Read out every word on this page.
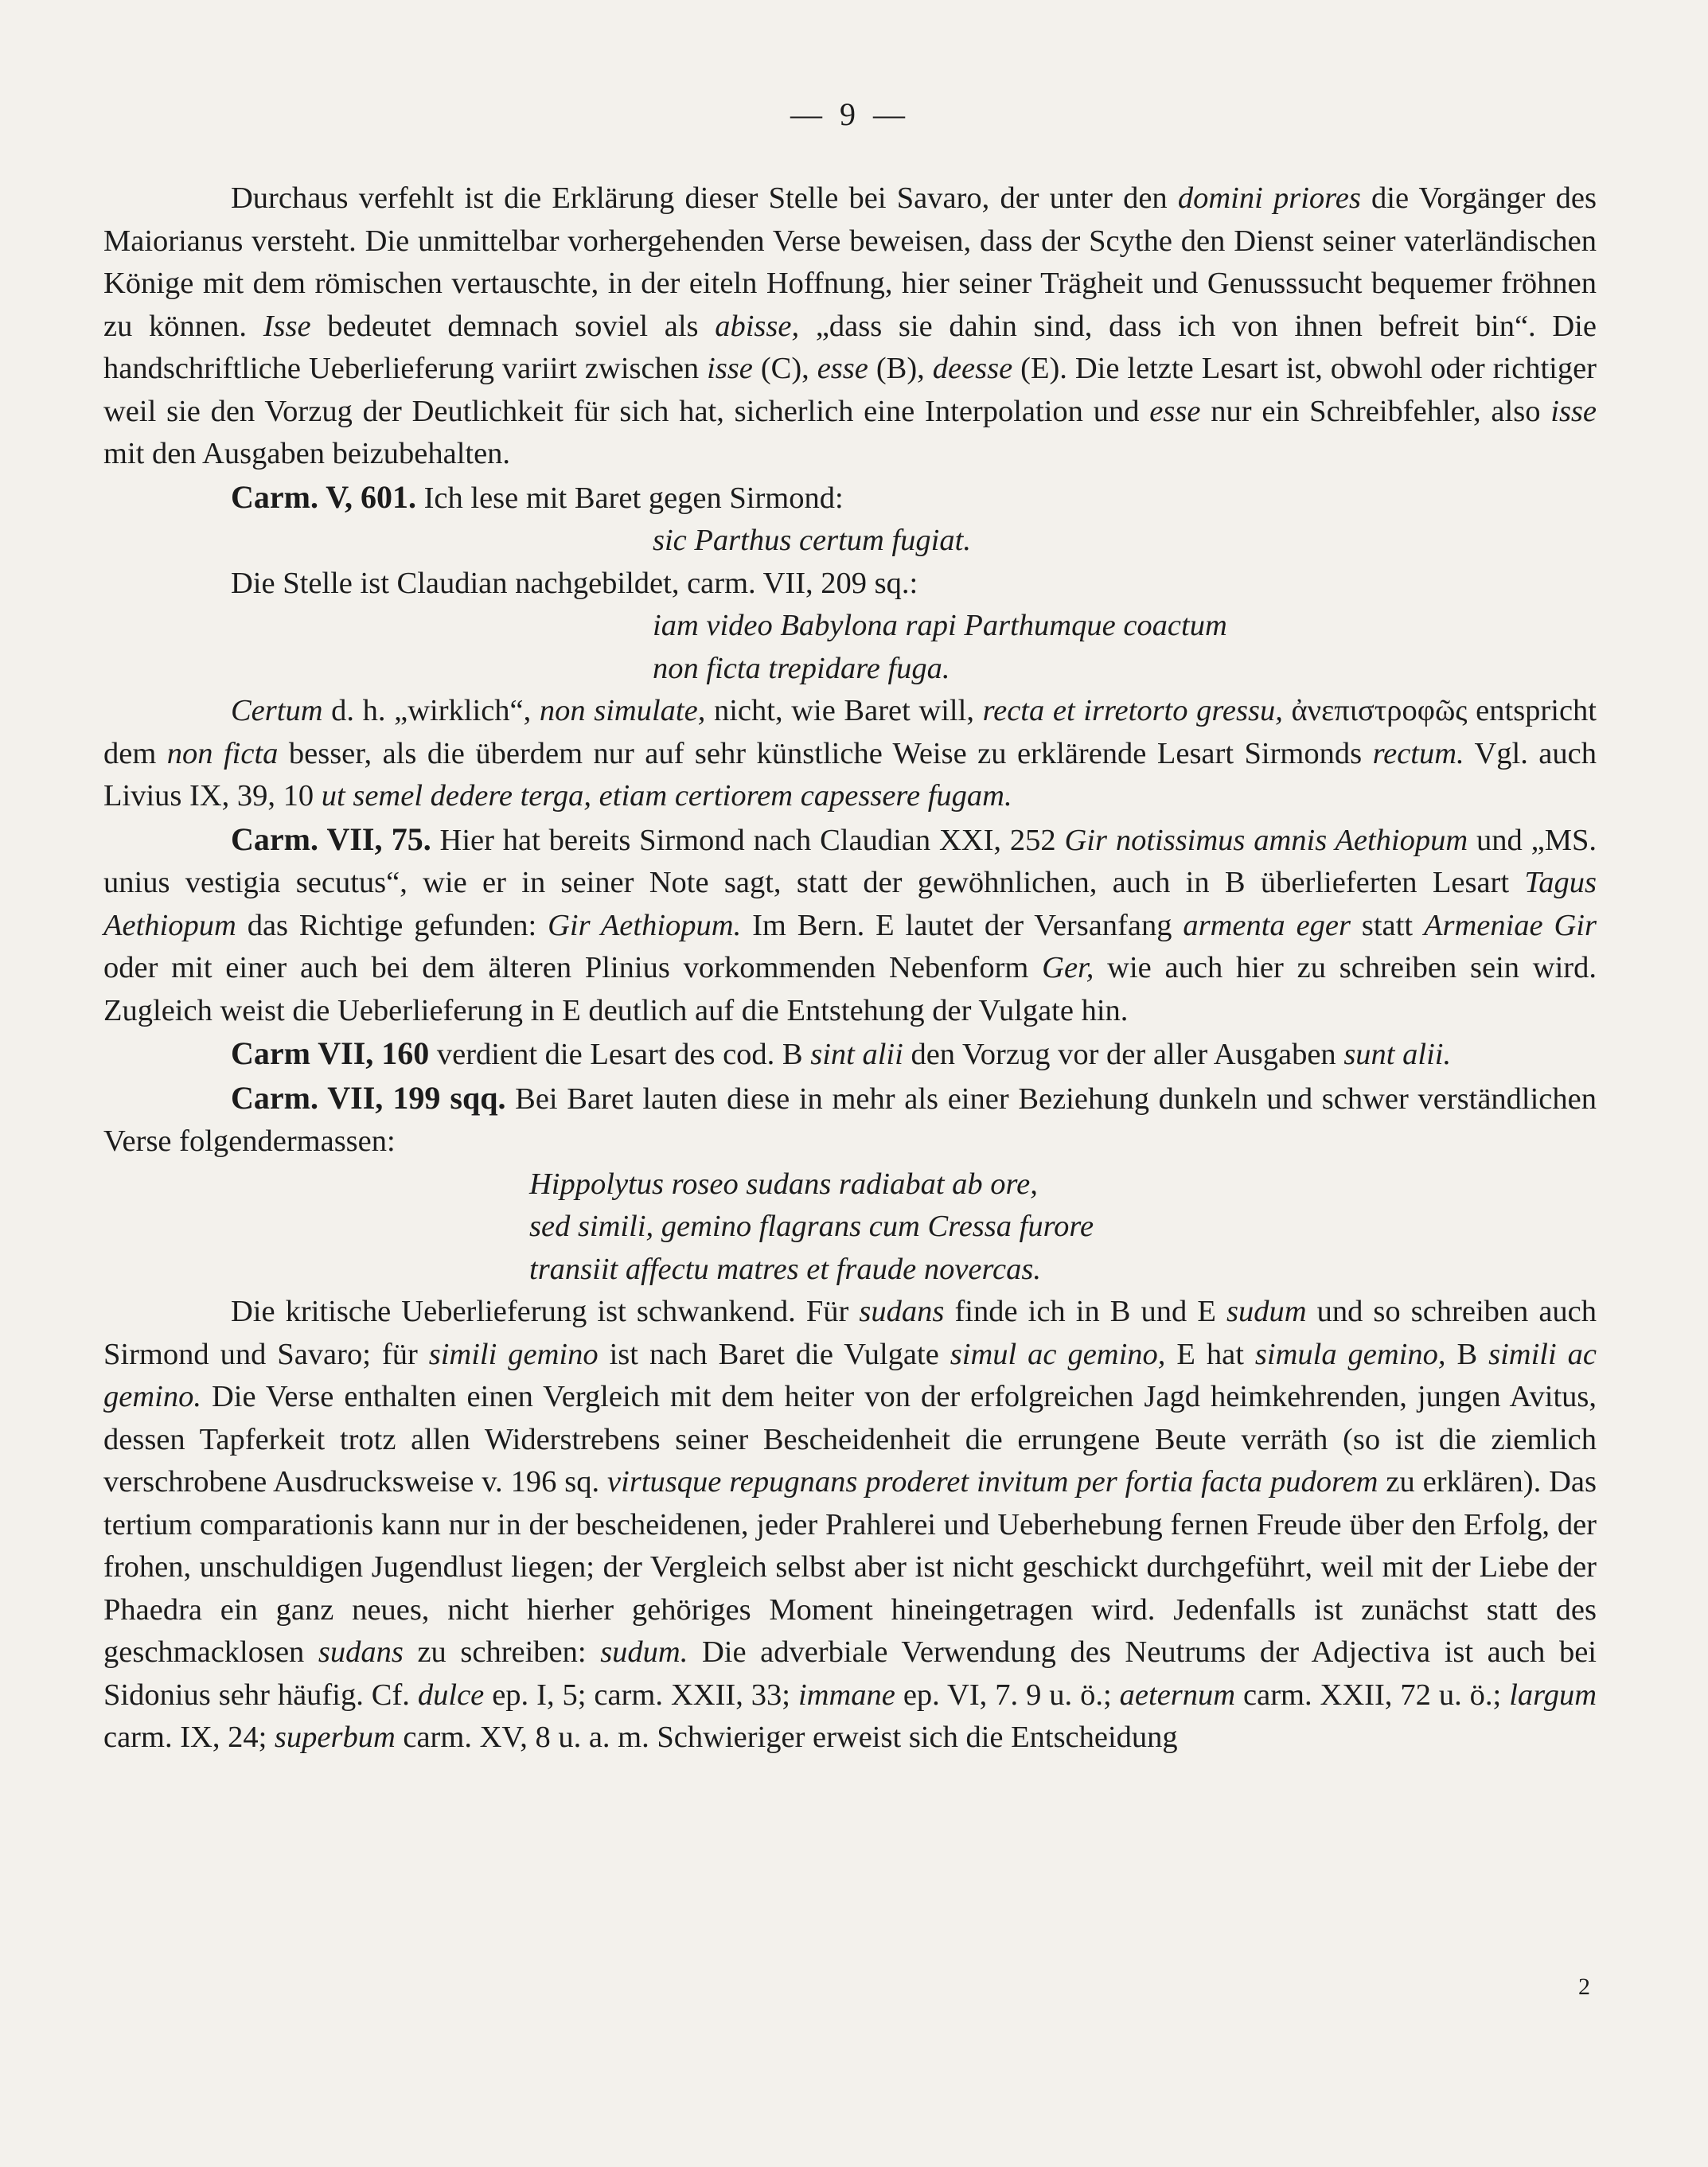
— 9 —

Durchaus verfehlt ist die Erklärung dieser Stelle bei Savaro, der unter den domini priores die Vorgänger des Maiorianus versteht. Die unmittelbar vorhergehenden Verse beweisen, dass der Scythe den Dienst seiner vaterländischen Könige mit dem römischen vertauschte, in der eiteln Hoffnung, hier seiner Trägheit und Genusssucht bequemer fröhnen zu können. Isse bedeutet demnach soviel als abisse, „dass sie dahin sind, dass ich von ihnen befreit bin“. Die handschriftliche Ueberlieferung variirt zwischen isse (C), esse (B), deesse (E). Die letzte Lesart ist, obwohl oder richtiger weil sie den Vorzug der Deutlichkeit für sich hat, sicherlich eine Interpolation und esse nur ein Schreibfehler, also isse mit den Ausgaben beizubehalten.

Carm. V, 601. Ich lese mit Baret gegen Sirmond:

sic Parthus certum fugiat.

Die Stelle ist Claudian nachgebildet, carm. VII, 209 sq.:

iam video Babylona rapi Parthumque coactum

non ficta trepidare fuga.

Certum d. h. „wirklich“, non simulate, nicht, wie Baret will, recta et irretorto gressu, ἀνεπιστροφῶς entspricht dem non ficta besser, als die überdem nur auf sehr künstliche Weise zu erklärende Lesart Sirmonds rectum. Vgl. auch Livius IX, 39, 10 ut semel dedere terga, etiam certiorem capessere fugam.

Carm. VII, 75. Hier hat bereits Sirmond nach Claudian XXI, 252 Gir notissimus amnis Aethiopum und „MS. unius vestigia secutus“, wie er in seiner Note sagt, statt der gewöhnlichen, auch in B überlieferten Lesart Tagus Aethiopum das Richtige gefunden: Gir Aethiopum. Im Bern. E lautet der Versanfang armenta eger statt Armeniae Gir oder mit einer auch bei dem älteren Plinius vorkommenden Nebenform Ger, wie auch hier zu schreiben sein wird. Zugleich weist die Ueberlieferung in E deutlich auf die Entstehung der Vulgate hin.

Carm VII, 160 verdient die Lesart des cod. B sint alii den Vorzug vor der aller Ausgaben sunt alii.

Carm. VII, 199 sqq. Bei Baret lauten diese in mehr als einer Beziehung dunkeln und schwer verständlichen Verse folgendermassen:

Hippolytus roseo sudans radiabat ab ore,

sed simili, gemino flagrans cum Cressa furore

transiit affectu matres et fraude novercas.

Die kritische Ueberlieferung ist schwankend. Für sudans finde ich in B und E sudum und so schreiben auch Sirmond und Savaro; für simili gemino ist nach Baret die Vulgate simul ac gemino, E hat simula gemino, B simili ac gemino. Die Verse enthalten einen Vergleich mit dem heiter von der erfolgreichen Jagd heimkehrenden, jungen Avitus, dessen Tapferkeit trotz allen Widerstrebens seiner Bescheidenheit die errungene Beute verräth (so ist die ziemlich verschrobene Ausdrucksweise v. 196 sq. virtusque repugnans proderet invitum per fortia facta pudorem zu erklären). Das tertium comparationis kann nur in der bescheidenen, jeder Prahlerei und Ueberhebung fernen Freude über den Erfolg, der frohen, unschuldigen Jugendlust liegen; der Vergleich selbst aber ist nicht geschickt durchgeführt, weil mit der Liebe der Phaedra ein ganz neues, nicht hierher gehöriges Moment hineingetragen wird. Jedenfalls ist zunächst statt des geschmacklosen sudans zu schreiben: sudum. Die adverbiale Verwendung des Neutrums der Adjectiva ist auch bei Sidonius sehr häufig. Cf. dulce ep. I, 5; carm. XXII, 33; immane ep. VI, 7. 9 u. ö.; aeternum carm. XXII, 72 u. ö.; largum carm. IX, 24; superbum carm. XV, 8 u. a. m. Schwieriger erweist sich die Entscheidung

2
